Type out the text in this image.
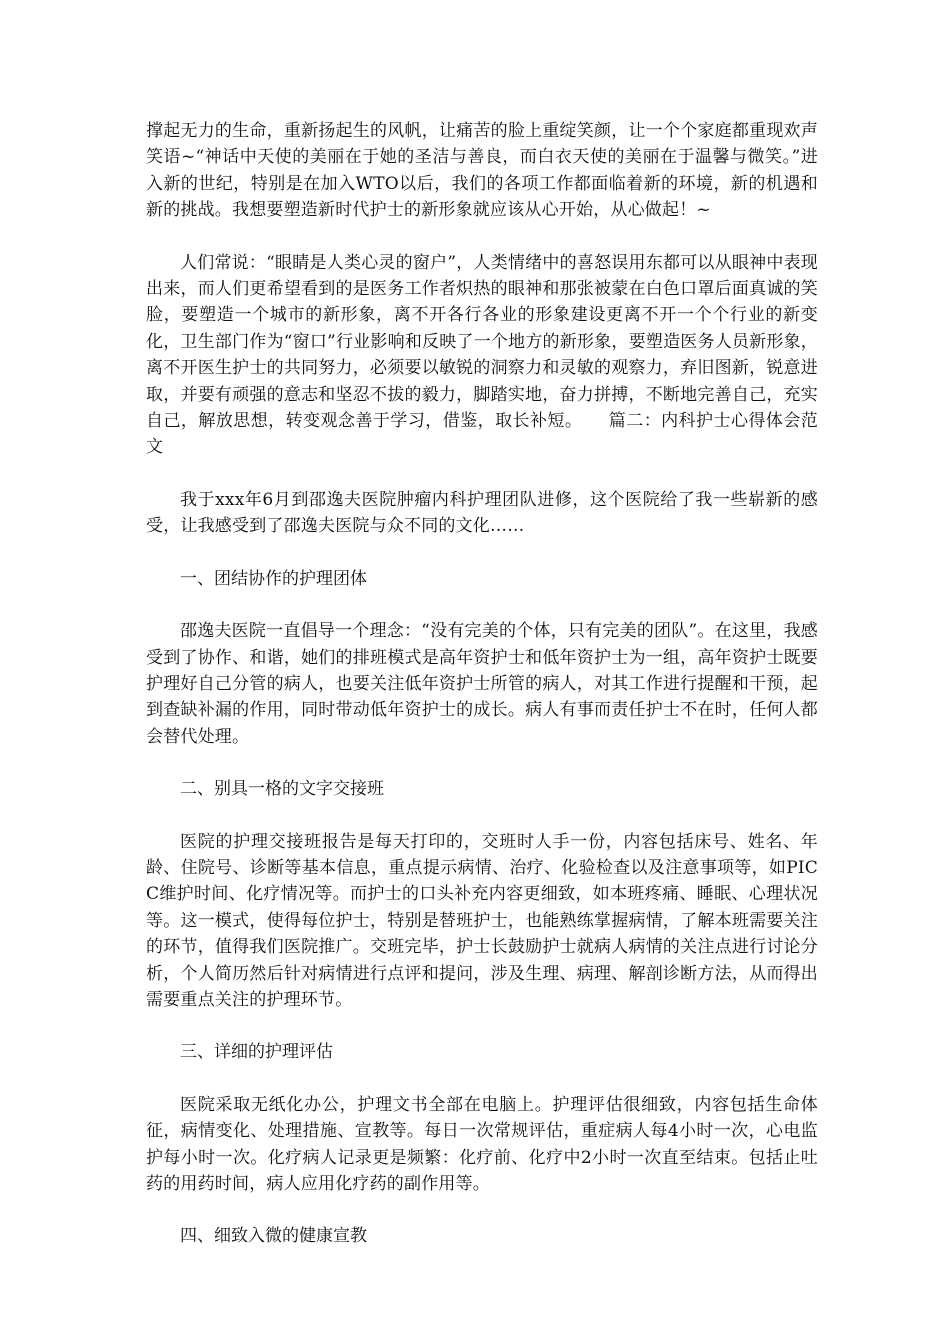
撑起无力的生命，重新扬起生的风帆，让痛苦的脸上重绽笑颜，让一个个家庭都重现欢声笑语~“神话中天使的美丽在于她的圣洁与善良，而白衣天使的美丽在于温馨与微笑。”进入新的世纪，特别是在加入WTO以后，我们的各项工作都面临着新的环境，新的机遇和新的挑战。我想要塑造新时代护士的新形象就应该从心开始，从心做起！~

人们常说：“眼睛是人类心灵的窗户”，人类情绪中的喜怒误用东都可以从眼神中表现出来，而人们更希望看到的是医务工作者炽热的眼神和那张被蒙在白色口罩后面真诚的笑脸，要塑造一个城市的新形象，离不开各行各业的形象建设更离不开一个个行业的新变化，卫生部门作为“窗口”行业影响和反映了一个地方的新形象，要塑造医务人员新形象，离不开医生护士的共同努力，必须要以敏锐的洞察力和灵敏的观察力，弃旧图新，锐意进取，并要有顽强的意志和坚忍不拔的毅力，脚踏实地，奋力拼搏，不断地完善自己，充实自己，解放思想，转变观念善于学习，借鉴，取长补短。　　篇二：内科护士心得体会范文

我于xxx年6月到邵逸夫医院肿瘤内科护理团队进修，这个医院给了我一些崭新的感受，让我感受到了邵逸夫医院与众不同的文化……

一、团结协作的护理团体

邵逸夫医院一直倡导一个理念：“没有完美的个体，只有完美的团队”。在这里，我感受到了协作、和谐，她们的排班模式是高年资护士和低年资护士为一组，高年资护士既要护理好自己分管的病人，也要关注低年资护士所管的病人，对其工作进行提醒和干预，起到查缺补漏的作用，同时带动低年资护士的成长。病人有事而责任护士不在时，任何人都会替代处理。

二、别具一格的文字交接班

医院的护理交接班报告是每天打印的，交班时人手一份，内容包括床号、姓名、年龄、住院号、诊断等基本信息，重点提示病情、治疗、化验检查以及注意事项等，如PICC维护时间、化疗情况等。而护士的口头补充内容更细致，如本班疼痛、睡眠、心理状况等。这一模式，使得每位护士，特别是替班护士，也能熟练掌握病情，了解本班需要关注的环节，值得我们医院推广。交班完毕，护士长鼓励护士就病人病情的关注点进行讨论分析，个人简历然后针对病情进行点评和提问，涉及生理、病理、解剖诊断方法，从而得出需要重点关注的护理环节。

三、详细的护理评估

医院采取无纸化办公，护理文书全部在电脑上。护理评估很细致，内容包括生命体征，病情变化、处理措施、宣教等。每日一次常规评估，重症病人每4小时一次，心电监护每小时一次。化疗病人记录更是频繁：化疗前、化疗中2小时一次直至结束。包括止吐药的用药时间，病人应用化疗药的副作用等。

四、细致入微的健康宣教
